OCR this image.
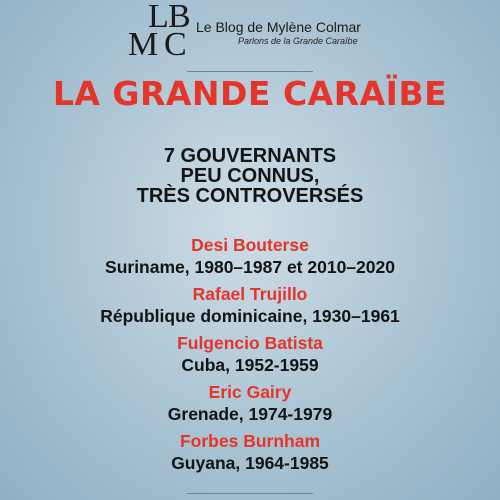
L B
M C Le Blog de Mylène Colmar
Parlons de la Grande Caraïbe
LA GRANDE CARAÏBE
7 GOUVERNANTS
PEU CONNUS,
TRÈS CONTROVERSÉS
Desi Bouterse
Suriname, 1980–1987 et 2010–2020
Rafael Trujillo
République dominicaine, 1930–1961
Fulgencio Batista
Cuba, 1952-1959
Eric Gairy
Grenade, 1974-1979
Forbes Burnham
Guyana, 1964-1985
